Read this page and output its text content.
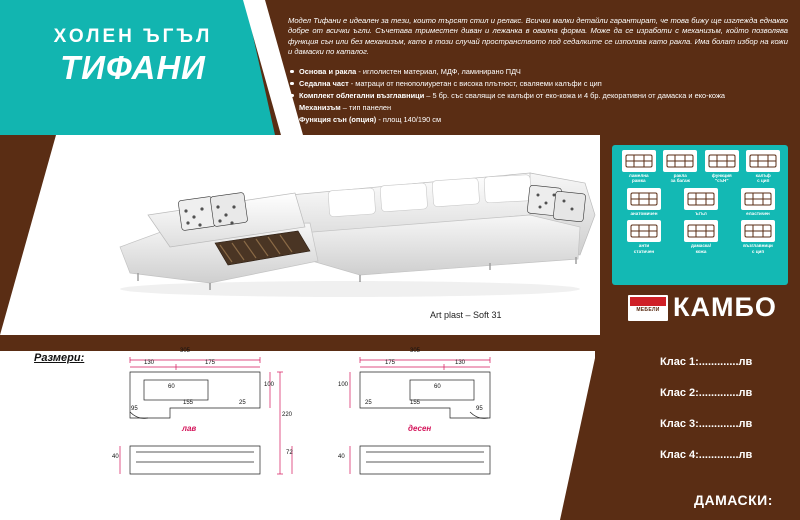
ХОЛЕН ЪГЪЛ
ТИФАНИ

Модел Тифани е идеален за тези, които търсят стил и релакс. Всички малки детайли гарантират, че това бижу ще изглежда еднакво добре от всички ъгли. Съчетава триместен диван и лежанка в овална форма. Може да се изработи с механизъм, който позволява функция сън или без механизъм, като в този случай пространството под седалките се използва като ракла. Има болат избор на кожи и дамаски по каталог.

Основа и ракла - иглолистен материал, МДФ, ламинирано ПДЧ
Седална част - матраци от пенополиуретан с висока плътност, сваляеми калъфи с цип
Комплект облегални възглавници – 5 бр. със свалящи се калъфи от еко-кожа и 4 бр. декоративни от дамаска и еко-кожа
Механизъм – тип панелен
Функция сън (опция) - площ 140/190 см
ламелна
рамка
ракла
за багаж
функция
"съН"
калъф
с цип
анатомичен	ъгъл	еластичен
анти
статичен
дамаска/
кожа
възглавници
с цип
Art plast – Soft 31
МЕБЕЛИ КАМБО
Размери:	Клас 1:.............лв
Клас 2:.............лв
Клас 3:.............лв
Клас 4:.............лв
ДАМАСКИ:
305
130	175
60
155	25
95
100
220
лав
305
175	130
60
155
25
95
100
десен
40
72
40
